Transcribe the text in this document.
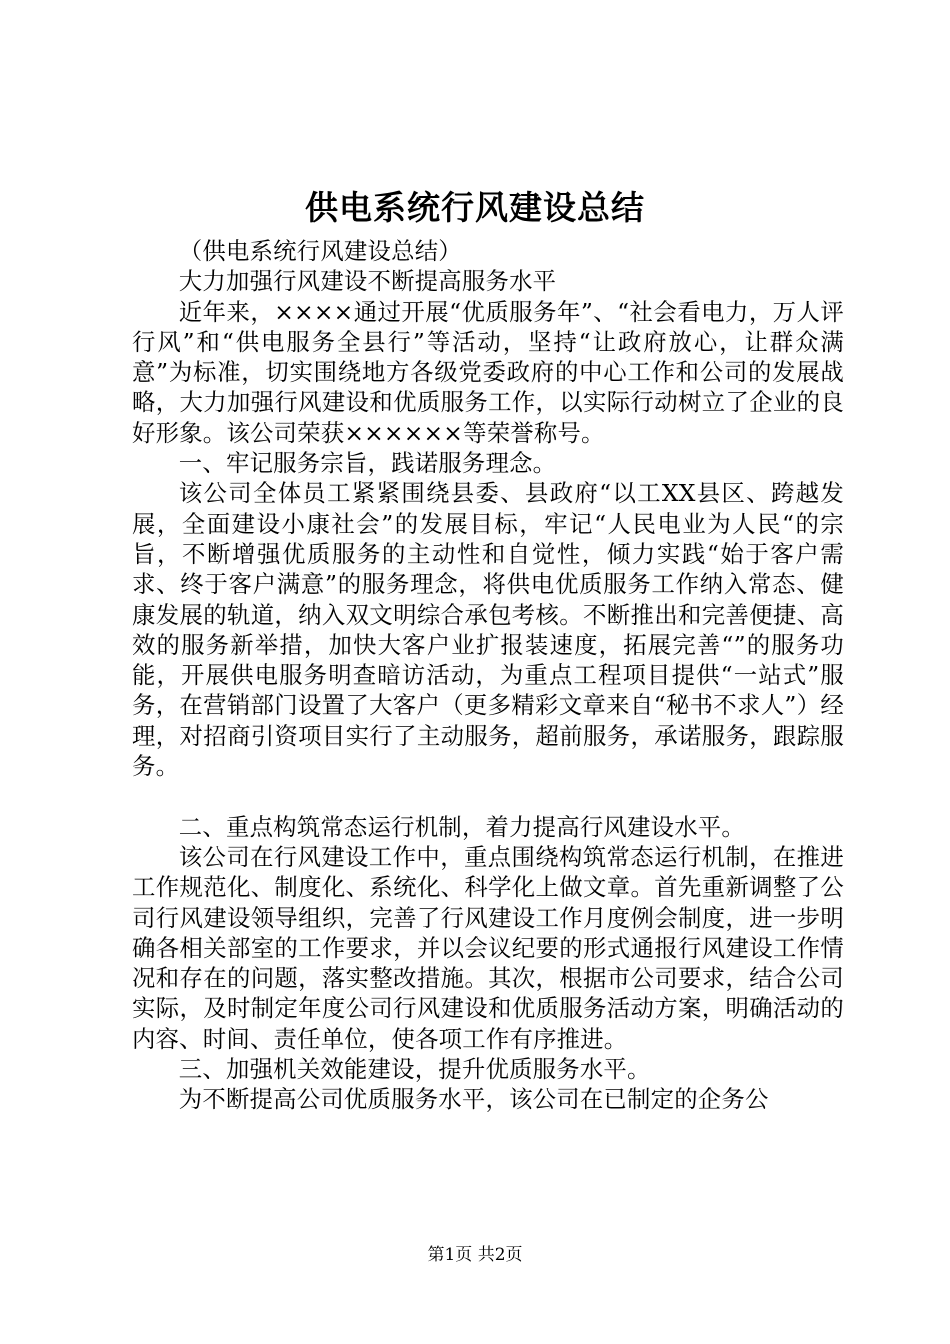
供电系统行风建设总结

（供电系统行风建设总结）

大力加强行风建设不断提高服务水平

近年来，××××通过开展“优质服务年”、“社会看电力，万人评行风”和“供电服务全县行”等活动，坚持“让政府放心，让群众满意”为标准，切实围绕地方各级党委政府的中心工作和公司的发展战略，大力加强行风建设和优质服务工作，以实际行动树立了企业的良好形象。该公司荣获××××××等荣誉称号。

一、牢记服务宗旨，践诺服务理念。

该公司全体员工紧紧围绕县委、县政府“以工XX县区、跨越发展，全面建设小康社会”的发展目标，牢记“人民电业为人民“的宗旨，不断增强优质服务的主动性和自觉性，倾力实践“始于客户需求、终于客户满意”的服务理念，将供电优质服务工作纳入常态、健康发展的轨道，纳入双文明综合承包考核。不断推出和完善便捷、高效的服务新举措，加快大客户业扩报装速度，拓展完善“”的服务功能，开展供电服务明查暗访活动，为重点工程项目提供“一站式”服务，在营销部门设置了大客户（更多精彩文章来自“秘书不求人”）经理，对招商引资项目实行了主动服务，超前服务，承诺服务，跟踪服务。

二、重点构筑常态运行机制，着力提高行风建设水平。

该公司在行风建设工作中，重点围绕构筑常态运行机制，在推进工作规范化、制度化、系统化、科学化上做文章。首先重新调整了公司行风建设领导组织，完善了行风建设工作月度例会制度，进一步明确各相关部室的工作要求，并以会议纪要的形式通报行风建设工作情况和存在的问题，落实整改措施。其次，根据市公司要求，结合公司实际，及时制定年度公司行风建设和优质服务活动方案，明确活动的内容、时间、责任单位，使各项工作有序推进。

三、加强机关效能建设，提升优质服务水平。

为不断提高公司优质服务水平，该公司在已制定的企务公

第1页 共2页
